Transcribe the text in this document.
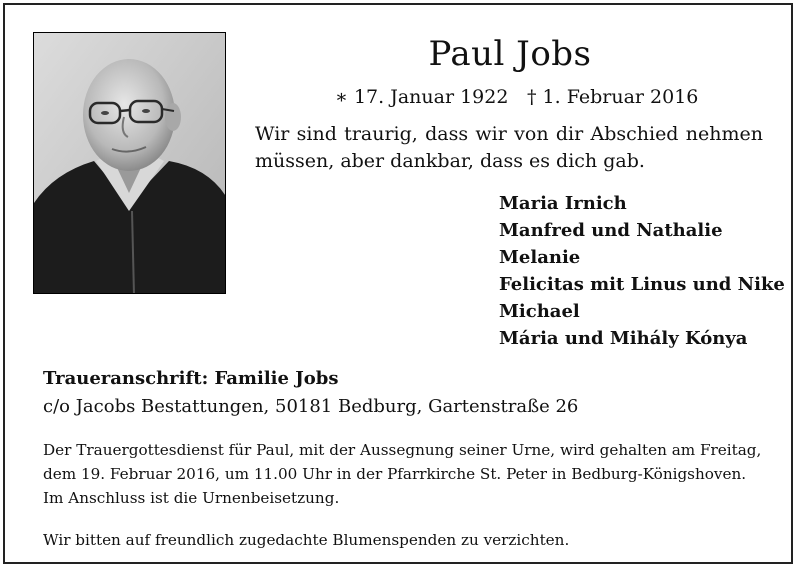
Paul Jobs
∗ 17. Januar 1922 † 1. Februar 2016
Wir sind traurig, dass wir von dir Abschied nehmen müssen, aber dankbar, dass es dich gab.
Maria Irnich
Manfred und Nathalie
Melanie
Felicitas mit Linus und Nike
Michael
Mária und Mihály Kónya
Traueranschrift: Familie Jobs
c/o Jacobs Bestattungen, 50181 Bedburg, Gartenstraße 26
Der Trauergottesdienst für Paul, mit der Aussegnung seiner Urne, wird gehalten am Freitag,
dem 19. Februar 2016, um 11.00 Uhr in der Pfarrkirche St. Peter in Bedburg-Königshoven.
Im Anschluss ist die Urnenbeisetzung.
Wir bitten auf freundlich zugedachte Blumenspenden zu verzichten.
